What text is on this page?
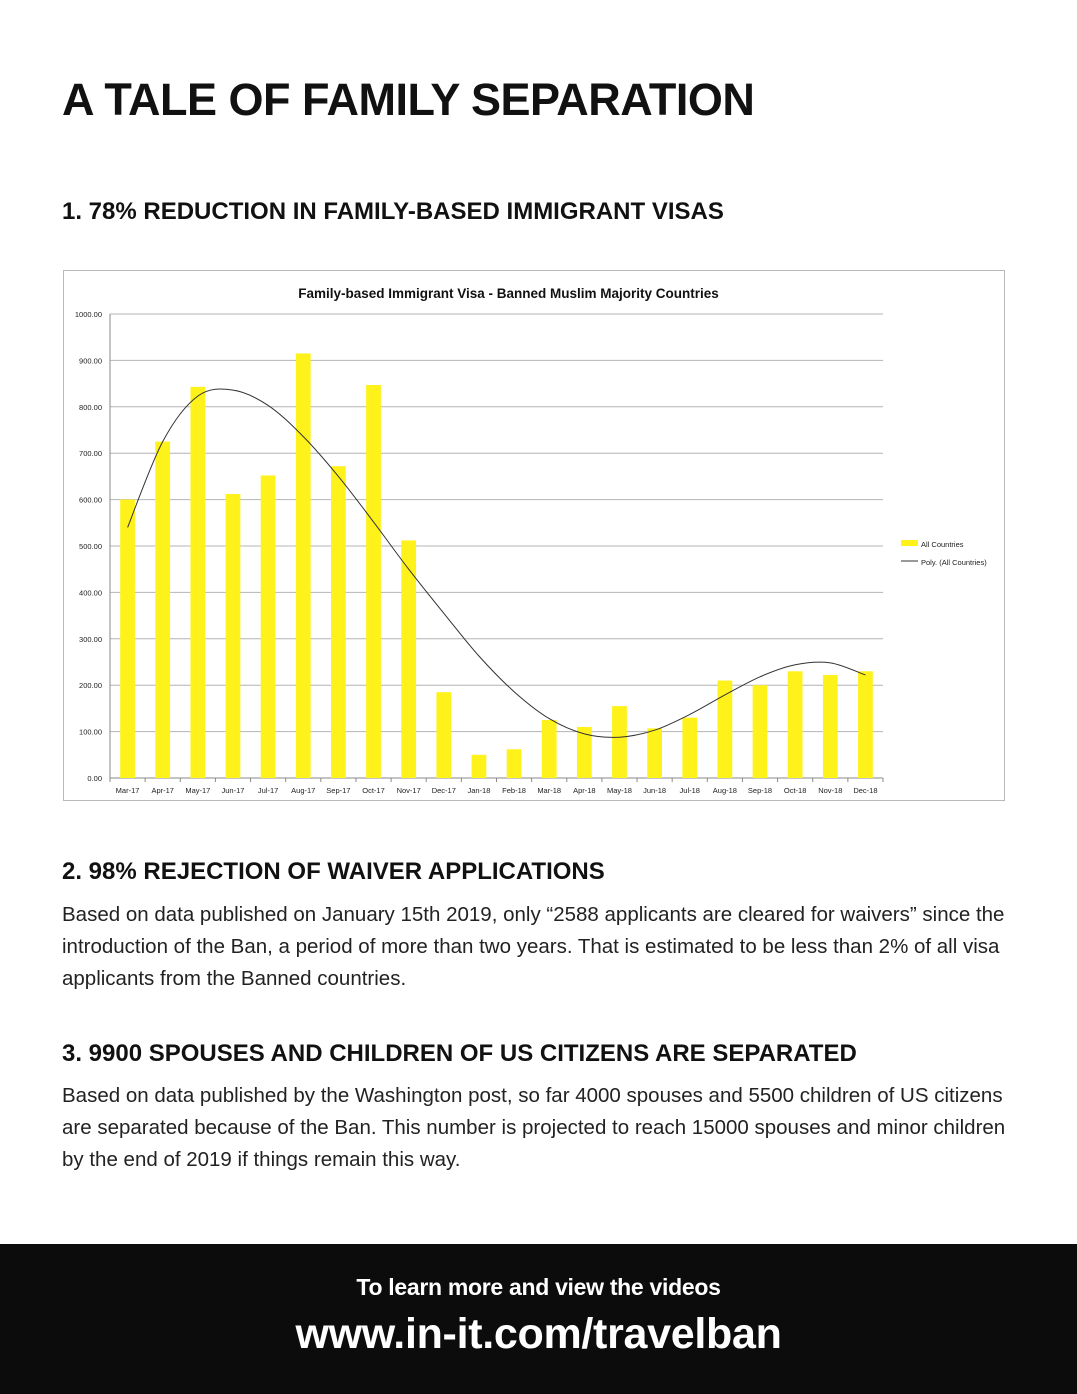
A TALE OF FAMILY SEPARATION
1. 78% REDUCTION IN FAMILY-BASED IMMIGRANT VISAS
Family-based Immigrant Visa - Banned Muslim Majority Countries
0.00
100.00
200.00
300.00
400.00
500.00
600.00
700.00
800.00
900.00
1000.00
Mar-17 Apr-17 May-17 Jun-17 Jul-17 Aug-17 Sep-17 Oct-17 Nov-17 Dec-17 Jan-18 Feb-18 Mar-18 Apr-18 May-18 Jun-18 Jul-18 Aug-18 Sep-18 Oct-18 Nov-18 Dec-18
All Countries
Poly. (All Countries)
2. 98% REJECTION OF WAIVER APPLICATIONS

Based on data published on January 15th 2019, only “2588 applicants are cleared for waivers” since the introduction of the Ban, a period of more than two years. That is estimated to be less than 2% of all visa applicants from the Banned countries.

3. 9900 SPOUSES AND CHILDREN OF US CITIZENS ARE SEPARATED

Based on data published by the Washington post, so far 4000 spouses and 5500 children of US citizens are separated because of the Ban. This number is projected to reach 15000 spouses and minor children by the end of 2019 if things remain this way.

To learn more and view the videos
www.in-it.com/travelban
